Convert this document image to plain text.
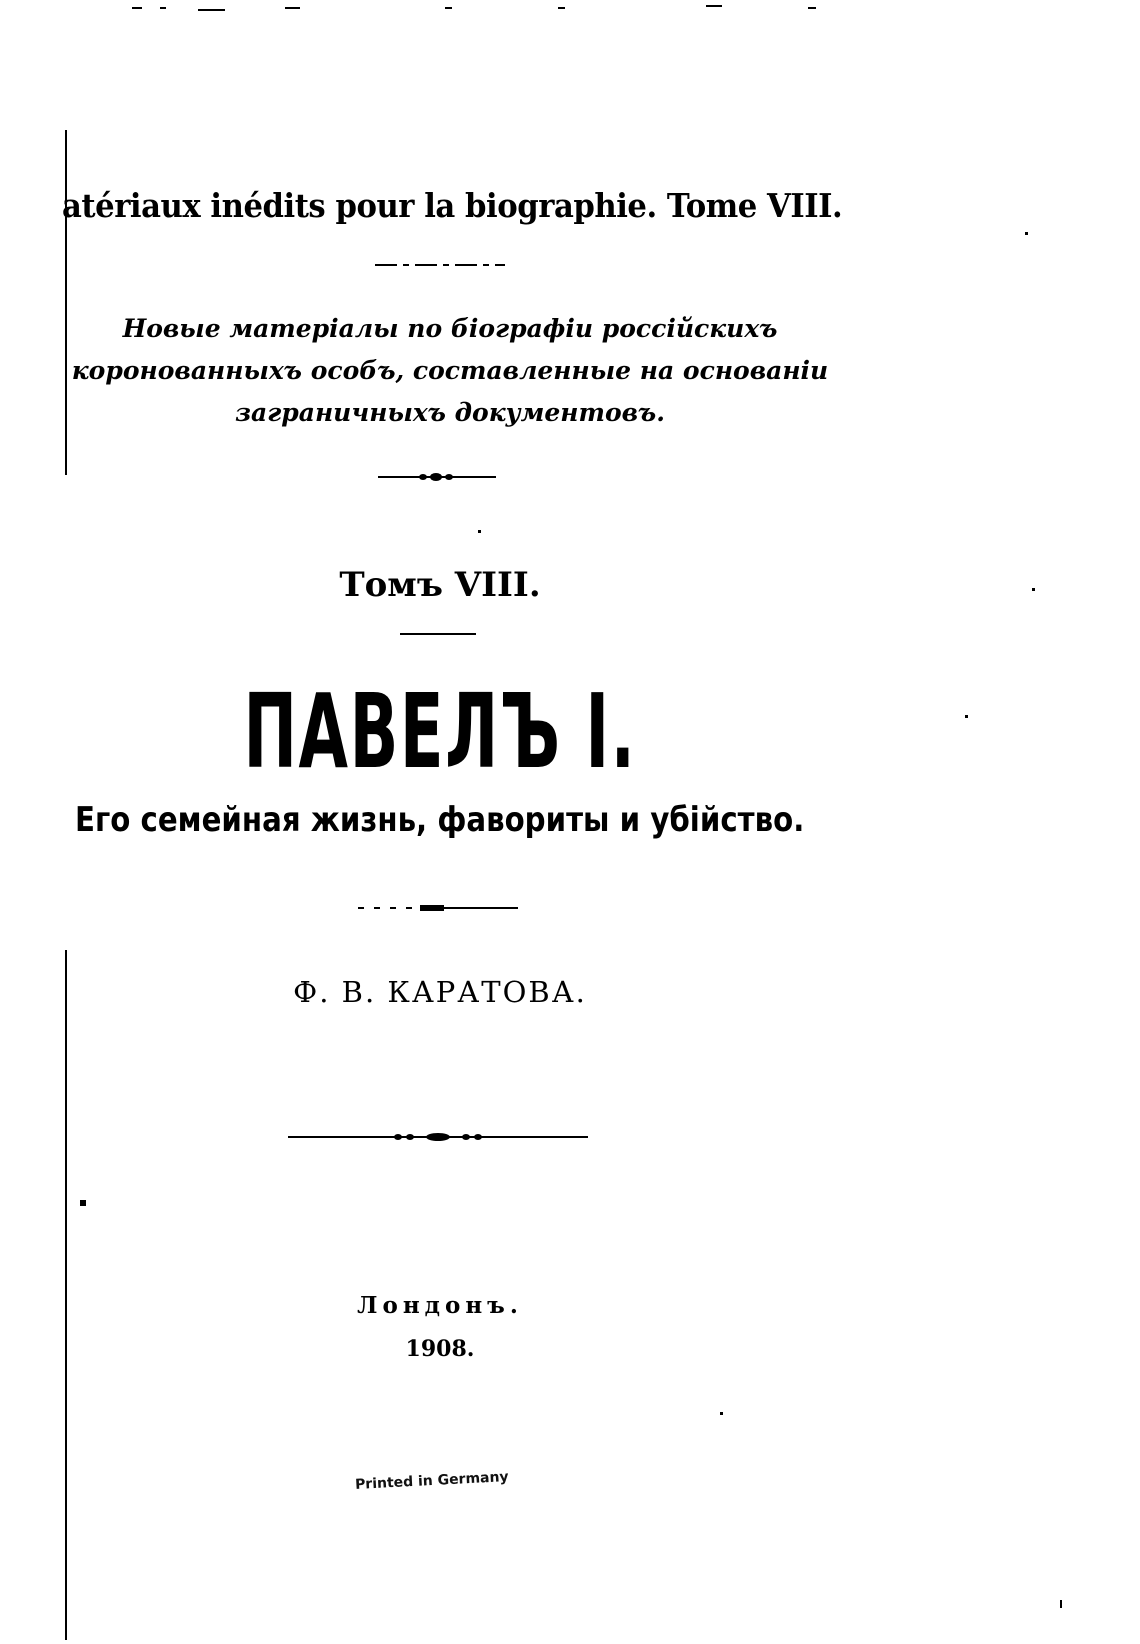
atériaux inédits pour la biographie. Tome VIII.
Новые матеріалы по біографіи россійскихъ
коронованныхъ особъ, составленные на основаніи
заграничныхъ документовъ.
Томъ VIII.
ПАВЕЛЪ I.
Его семейная жизнь, фавориты и убійство.
Ф. В. КАРАТОВА.
Лондонъ.
1908.
Printed in Germany
